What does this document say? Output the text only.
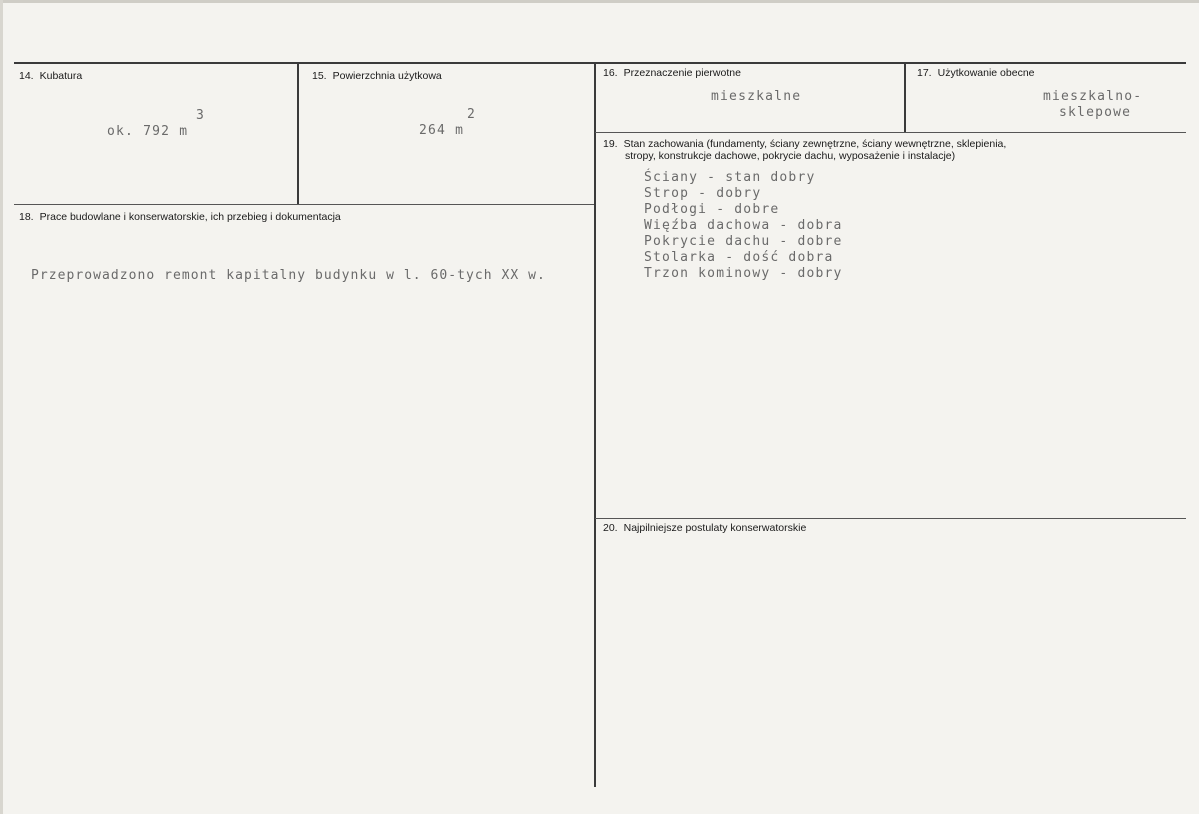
14. Kubatura
3
ok. 792 m
15. Powierzchnia użytkowa
2
264 m
16. Przeznaczenie pierwotne
mieszkalne
17. Użytkowanie obecne
mieszkalno-
sklepowe
18. Prace budowlane i konserwatorskie, ich przebieg i dokumentacja
Przeprowadzono remont kapitalny budynku w l. 60-tych XX w.
19. Stan zachowania (fundamenty, ściany zewnętrzne, ściany wewnętrzne, sklepienia,
stropy, konstrukcje dachowe, pokrycie dachu, wyposażenie i instalacje)
Ściany - stan dobry
Strop - dobry
Podłogi - dobre
Więźba dachowa - dobra
Pokrycie dachu - dobre
Stolarka - dość dobra
Trzon kominowy - dobry
20. Najpilniejsze postulaty konserwatorskie
